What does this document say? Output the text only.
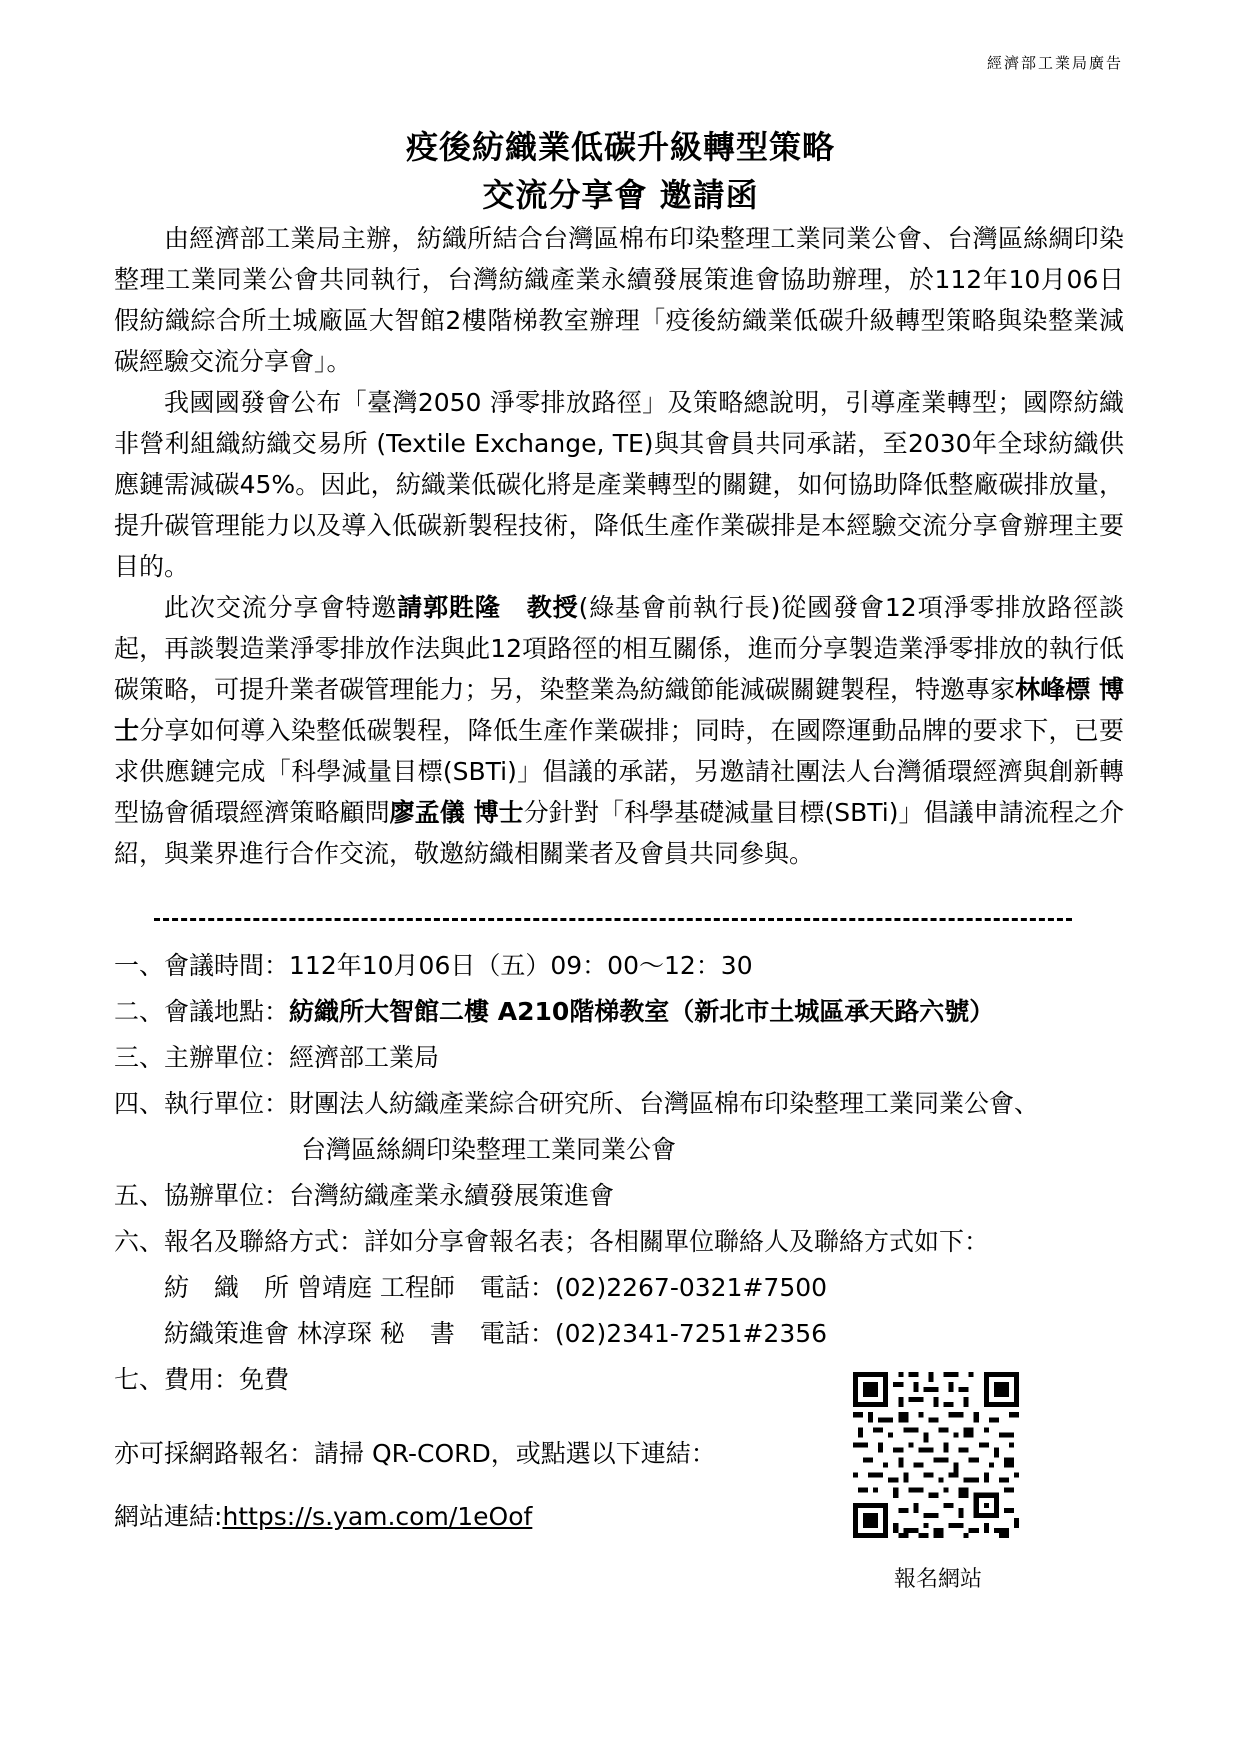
經濟部工業局廣告
疫後紡織業低碳升級轉型策略
交流分享會 邀請函

由經濟部工業局主辦，紡織所結合台灣區棉布印染整理工業同業公會、台灣區絲綢印染整理工業同業公會共同執行，台灣紡織產業永續發展策進會協助辦理，於112年10月06日假紡織綜合所土城廠區大智館2樓階梯教室辦理「疫後紡織業低碳升級轉型策略與染整業減碳經驗交流分享會」。

我國國發會公布「臺灣2050 淨零排放路徑」及策略總說明，引導產業轉型；國際紡織非營利組織紡織交易所 (Textile Exchange, TE)與其會員共同承諾，至2030年全球紡織供應鏈需減碳45%。因此，紡織業低碳化將是產業轉型的關鍵，如何協助降低整廠碳排放量，提升碳管理能力以及導入低碳新製程技術，降低生產作業碳排是本經驗交流分享會辦理主要目的。

此次交流分享會特邀請郭貹隆　教授(綠基會前執行長)從國發會12項淨零排放路徑談起，再談製造業淨零排放作法與此12項路徑的相互關係，進而分享製造業淨零排放的執行低碳策略，可提升業者碳管理能力；另，染整業為紡織節能減碳關鍵製程，特邀專家林峰標 博士分享如何導入染整低碳製程，降低生產作業碳排；同時，在國際運動品牌的要求下，已要求供應鏈完成「科學減量目標(SBTi)」倡議的承諾，另邀請社團法人台灣循環經濟與創新轉型協會循環經濟策略顧問廖孟儀 博士分針對「科學基礎減量目標(SBTi)」倡議申請流程之介紹，與業界進行合作交流，敬邀紡織相關業者及會員共同參與。

一、會議時間：112年10月06日（五）09：00～12：30
二、會議地點：紡織所大智館二樓 A210階梯教室（新北市土城區承天路六號）
三、主辦單位：經濟部工業局
四、執行單位：財團法人紡織產業綜合研究所、台灣區棉布印染整理工業同業公會、
台灣區絲綢印染整理工業同業公會
五、協辦單位：台灣紡織產業永續發展策進會
六、報名及聯絡方式：詳如分享會報名表；各相關單位聯絡人及聯絡方式如下：
紡　織　所 曾靖庭 工程師　電話：(02)2267-0321#7500
紡織策進會 林淳琛 秘　書　電話：(02)2341-7251#2356
七、費用：免費
亦可採網路報名：請掃 QR-CORD，或點選以下連結：
網站連結:https://s.yam.com/1eOof
報名網站
